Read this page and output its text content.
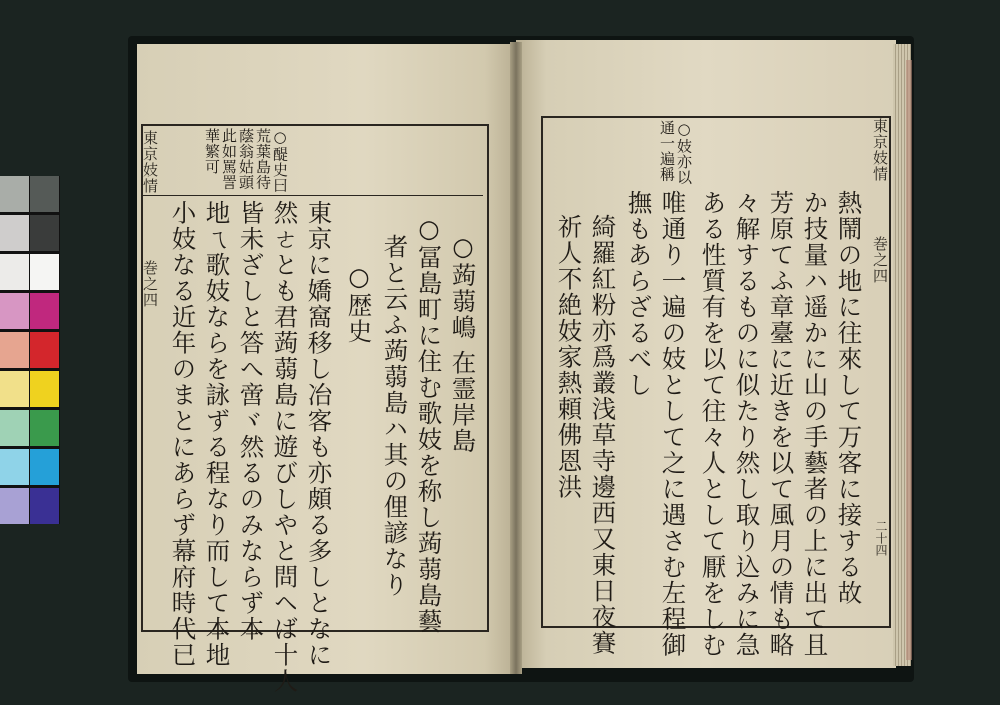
東京妓情
巻之四
○醍史曰
荒葉島待
蔭翁姑頭
此如罵詈
華繁可
○蒟蒻嶋 在霊岸島
○冨島町に住む歌妓を称し蒟蒻島藝
者と云ふ蒟蒻島ハ其の俚諺なり
○歴史
東京に嬌窩移し冶客も亦頗る多しとなに
然ㄜとも君蒟蒻島に遊びしやと問ヘば十人
皆未ざしと答へ啻ヾ然るのみならず本
地ㄟ歌妓ならを詠ずる程なり而して本地
小妓なる近年のまとにあらず幕府時代已
東京妓情
巻之四
二十四
○妓亦以
通一遍稱
熱鬧の地に往來して万客に接する故
か技量ハ遥かに山の手藝者の上に出て且
芳原てふ章臺に近きを以て風月の情も略
々解するものに似たり然し取り込みに急
ある性質有を以て往々人として厭をしむ
唯通り一遍の妓として之に遇さむ左程御
撫もあらざるべし
綺羅紅粉亦爲叢浅草寺邊西又東日夜賽
祈人不絶妓家熱頼佛恩洪
